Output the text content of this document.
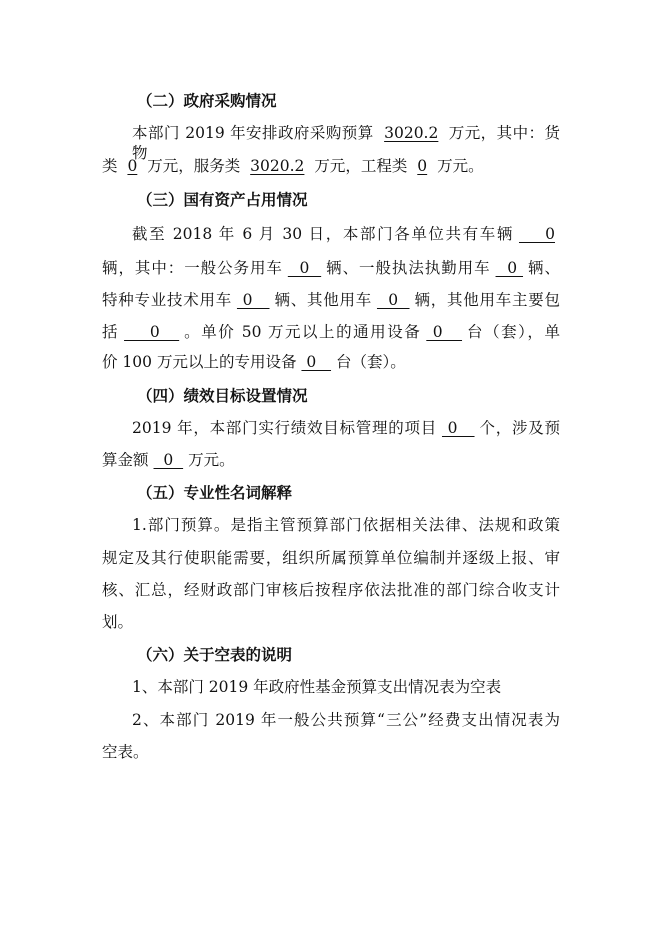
（二）政府采购情况
本部门 2019 年安排政府采购预算 3020.2 万元，其中：货物
类 0 万元，服务类 3020.2 万元，工程类 0 万元。
（三）国有资产占用情况
截至 2018 年 6 月 30 日，本部门各单位共有车辆    0
辆，其中：一般公务用车  0  辆、一般执法执勤用车  0 辆、
特种专业技术用车 0   辆、其他用车  0  辆，其他用车主要包
括    0   。单价 50 万元以上的通用设备 0   台（套），单
价 100 万元以上的专用设备 0   台（套）。
（四）绩效目标设置情况
2019 年，本部门实行绩效目标管理的项目 0   个，涉及预
算金额  0  万元。
（五）专业性名词解释
1.部门预算。是指主管预算部门依据相关法律、法规和政策
规定及其行使职能需要，组织所属预算单位编制并逐级上报、审
核、汇总，经财政部门审核后按程序依法批准的部门综合收支计
划。
（六）关于空表的说明
1、本部门 2019 年政府性基金预算支出情况表为空表
2、本部门 2019 年一般公共预算“三公”经费支出情况表为
空表。
